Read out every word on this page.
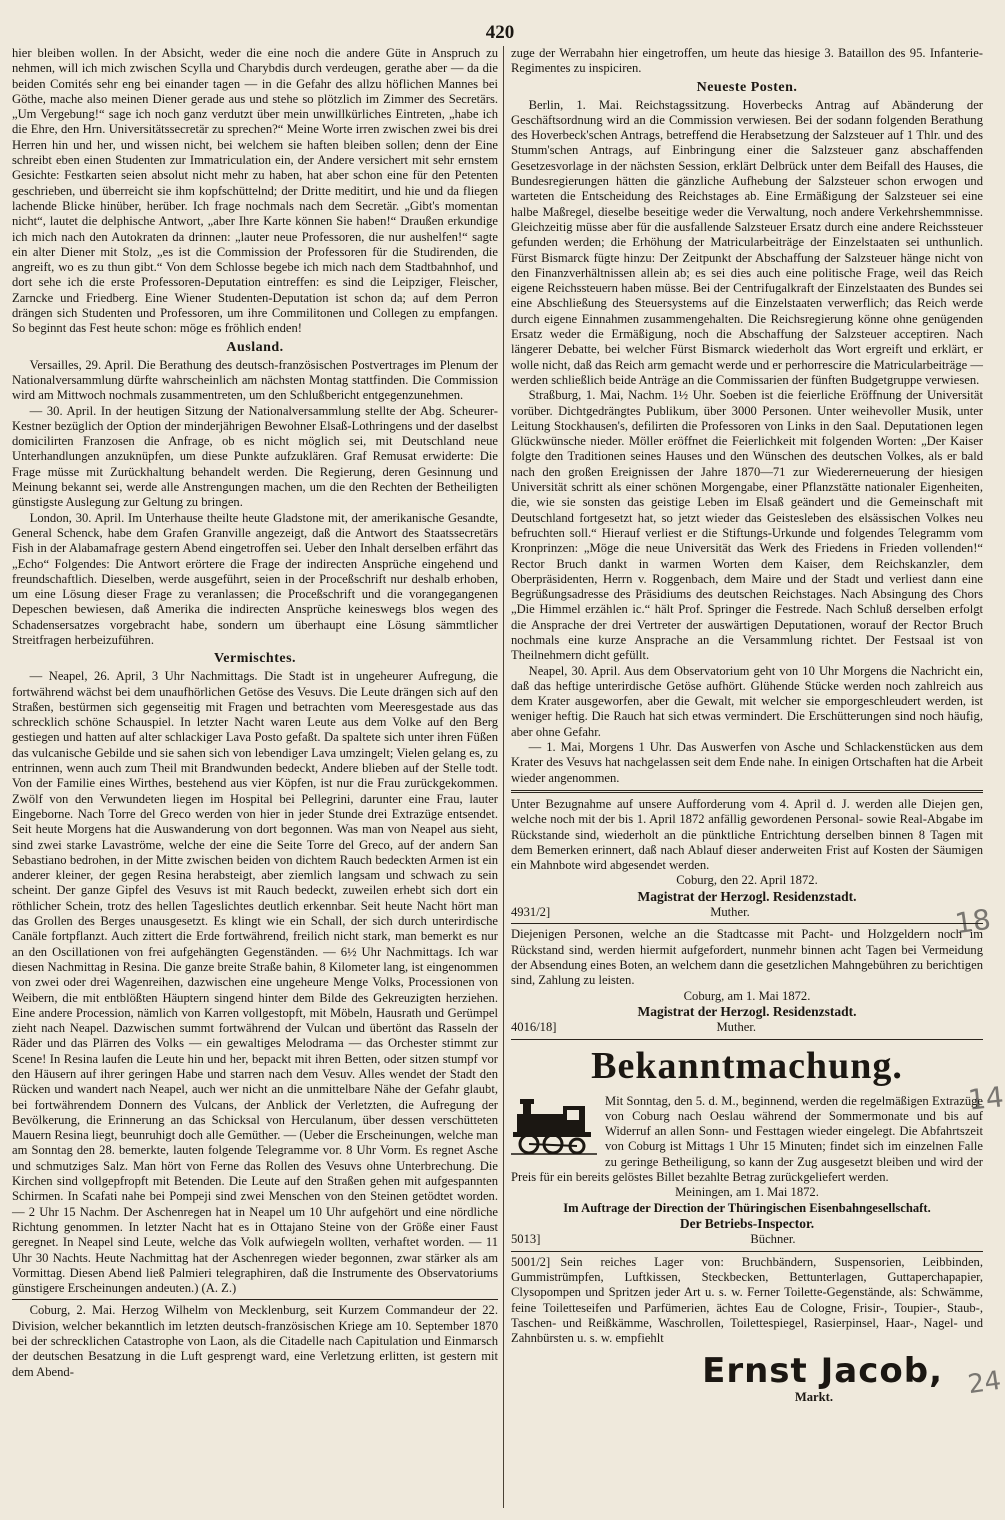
420

hier bleiben wollen. In der Absicht, weder die eine noch die andere Güte in Anspruch zu nehmen, will ich mich zwischen Scylla und Charybdis durch verdeugen, gerathe aber — da die beiden Comités sehr eng bei einander tagen — in die Gefahr des allzu höflichen Mannes bei Göthe, mache also meinen Diener gerade aus und stehe so plötzlich im Zimmer des Secretärs. „Um Vergebung!“ sage ich noch ganz verdutzt über mein unwillkürliches Eintreten, „habe ich die Ehre, den Hrn. Universitätssecretär zu sprechen?“ Meine Worte irren zwischen zwei bis drei Herren hin und her, und wissen nicht, bei welchem sie haften bleiben sollen; denn der Eine schreibt eben einen Studenten zur Immatriculation ein, der Andere versichert mit sehr ernstem Gesichte: Festkarten seien absolut nicht mehr zu haben, hat aber schon eine für den Petenten geschrieben, und überreicht sie ihm kopfschüttelnd; der Dritte meditirt, und hie und da fliegen lachende Blicke hinüber, herüber. Ich frage nochmals nach dem Secretär. „Gibt's momentan nicht“, lautet die delphische Antwort, „aber Ihre Karte können Sie haben!“ Draußen erkundige ich mich nach den Autokraten da drinnen: „lauter neue Professoren, die nur aushelfen!“ sagte ein alter Diener mit Stolz, „es ist die Commission der Professoren für die Studirenden, die angreift, wo es zu thun gibt.“ Von dem Schlosse begebe ich mich nach dem Stadtbahnhof, und dort sehe ich die erste Professoren-Deputation eintreffen: es sind die Leipziger, Fleischer, Zarncke und Friedberg. Eine Wiener Studenten-Deputation ist schon da; auf dem Perron drängen sich Studenten und Professoren, um ihre Commilitonen und Collegen zu empfangen. So beginnt das Fest heute schon: möge es fröhlich enden!

Ausland.

Versailles, 29. April. Die Berathung des deutsch-französischen Postvertrages im Plenum der Nationalversammlung dürfte wahrscheinlich am nächsten Montag stattfinden. Die Commission wird am Mittwoch nochmals zusammentreten, um den Schlußbericht entgegenzunehmen.

— 30. April. In der heutigen Sitzung der Nationalversammlung stellte der Abg. Scheurer-Kestner bezüglich der Option der minderjährigen Bewohner Elsaß-Lothringens und der daselbst domicilirten Franzosen die Anfrage, ob es nicht möglich sei, mit Deutschland neue Unterhandlungen anzuknüpfen, um diese Punkte aufzuklären. Graf Remusat erwiderte: Die Frage müsse mit Zurückhaltung behandelt werden. Die Regierung, deren Gesinnung und Meinung bekannt sei, werde alle Anstrengungen machen, um die den Rechten der Betheiligten günstigste Auslegung zur Geltung zu bringen.

London, 30. April. Im Unterhause theilte heute Gladstone mit, der amerikanische Gesandte, General Schenck, habe dem Grafen Granville angezeigt, daß die Antwort des Staatssecretärs Fish in der Alabamafrage gestern Abend eingetroffen sei. Ueber den Inhalt derselben erfährt das „Echo“ Folgendes: Die Antwort erörtere die Frage der indirecten Ansprüche eingehend und freundschaftlich. Dieselben, werde ausgeführt, seien in der Proceßschrift nur deshalb erhoben, um eine Lösung dieser Frage zu veranlassen; die Proceßschrift und die vorangegangenen Depeschen bewiesen, daß Amerika die indirecten Ansprüche keineswegs blos wegen des Schadensersatzes vorgebracht habe, sondern um überhaupt eine Lösung sämmtlicher Streitfragen herbeizuführen.

Vermischtes.

— Neapel, 26. April, 3 Uhr Nachmittags. Die Stadt ist in ungeheurer Aufregung, die fortwährend wächst bei dem unaufhörlichen Getöse des Vesuvs. Die Leute drängen sich auf den Straßen, bestürmen sich gegenseitig mit Fragen und betrachten vom Meeresgestade aus das schrecklich schöne Schauspiel. In letzter Nacht waren Leute aus dem Volke auf den Berg gestiegen und hatten auf alter schlackiger Lava Posto gefaßt. Da spaltete sich unter ihren Füßen das vulcanische Gebilde und sie sahen sich von lebendiger Lava umzingelt; Vielen gelang es, zu entrinnen, wenn auch zum Theil mit Brandwunden bedeckt, Andere blieben auf der Stelle todt. Von der Familie eines Wirthes, bestehend aus vier Köpfen, ist nur die Frau zurückgekommen. Zwölf von den Verwundeten liegen im Hospital bei Pellegrini, darunter eine Frau, lauter Eingeborne. Nach Torre del Greco werden von hier in jeder Stunde drei Extrazüge entsendet. Seit heute Morgens hat die Auswanderung von dort begonnen. Was man von Neapel aus sieht, sind zwei starke Lavaströme, welche der eine die Seite Torre del Greco, auf der andern San Sebastiano bedrohen, in der Mitte zwischen beiden von dichtem Rauch bedeckten Armen ist ein anderer kleiner, der gegen Resina herabsteigt, aber ziemlich langsam und schwach zu sein scheint. Der ganze Gipfel des Vesuvs ist mit Rauch bedeckt, zuweilen erhebt sich dort ein röthlicher Schein, trotz des hellen Tageslichtes deutlich erkennbar. Seit heute Nacht hört man das Grollen des Berges unausgesetzt. Es klingt wie ein Schall, der sich durch unterirdische Canäle fortpflanzt. Auch zittert die Erde fortwährend, freilich nicht stark, man bemerkt es nur an den Oscillationen von frei aufgehängten Gegenständen. — 6½ Uhr Nachmittags. Ich war diesen Nachmittag in Resina. Die ganze breite Straße bahin, 8 Kilometer lang, ist eingenommen von zwei oder drei Wagenreihen, dazwischen eine ungeheure Menge Volks, Processionen von Weibern, die mit entblößten Häuptern singend hinter dem Bilde des Gekreuzigten herziehen. Eine andere Procession, nämlich von Karren vollgestopft, mit Möbeln, Hausrath und Gerümpel zieht nach Neapel. Dazwischen summt fortwährend der Vulcan und übertönt das Rasseln der Räder und das Plärren des Volks — ein gewaltiges Melodrama — das Orchester stimmt zur Scene! In Resina laufen die Leute hin und her, bepackt mit ihren Betten, oder sitzen stumpf vor den Häusern auf ihrer geringen Habe und starren nach dem Vesuv. Alles wendet der Stadt den Rücken und wandert nach Neapel, auch wer nicht an die unmittelbare Nähe der Gefahr glaubt, bei fortwährendem Donnern des Vulcans, der Anblick der Verletzten, die Aufregung der Bevölkerung, die Erinnerung an das Schicksal von Herculanum, über dessen verschütteten Mauern Resina liegt, beunruhigt doch alle Gemüther. — (Ueber die Erscheinungen, welche man am Sonntag den 28. bemerkte, lauten folgende Telegramme vor. 8 Uhr Vorm. Es regnet Asche und schmutziges Salz. Man hört von Ferne das Rollen des Vesuvs ohne Unterbrechung. Die Kirchen sind vollgepfropft mit Betenden. Die Leute auf den Straßen gehen mit aufgespannten Schirmen. In Scafati nahe bei Pompeji sind zwei Menschen von den Steinen getödtet worden. — 2 Uhr 15 Nachm. Der Aschenregen hat in Neapel um 10 Uhr aufgehört und eine nördliche Richtung genommen. In letzter Nacht hat es in Ottajano Steine von der Größe einer Faust geregnet. In Neapel sind Leute, welche das Volk aufwiegeln wollten, verhaftet worden. — 11 Uhr 30 Nachts. Heute Nachmittag hat der Aschenregen wieder begonnen, zwar stärker als am Vormittag. Diesen Abend ließ Palmieri telegraphiren, daß die Instrumente des Observatoriums günstigere Erscheinungen andeuten.) (A. Z.)

Coburg, 2. Mai. Herzog Wilhelm von Mecklenburg, seit Kurzem Commandeur der 22. Division, welcher bekanntlich im letzten deutsch-französischen Kriege am 10. September 1870 bei der schrecklichen Catastrophe von Laon, als die Citadelle nach Capitulation und Einmarsch der deutschen Besatzung in die Luft gesprengt ward, eine Verletzung erlitten, ist gestern mit dem Abend-

zuge der Werrabahn hier eingetroffen, um heute das hiesige 3. Bataillon des 95. Infanterie-Regimentes zu inspiciren.

Neueste Posten.

Berlin, 1. Mai. Reichstagssitzung. Hoverbecks Antrag auf Abänderung der Geschäftsordnung wird an die Commission verwiesen. Bei der sodann folgenden Berathung des Hoverbeck'schen Antrags, betreffend die Herabsetzung der Salzsteuer auf 1 Thlr. und des Stumm'schen Antrags, auf Einbringung einer die Salzsteuer ganz abschaffenden Gesetzesvorlage in der nächsten Session, erklärt Delbrück unter dem Beifall des Hauses, die Bundesregierungen hätten die gänzliche Aufhebung der Salzsteuer schon erwogen und warteten die Entscheidung des Reichstages ab. Eine Ermäßigung der Salzsteuer sei eine halbe Maßregel, dieselbe beseitige weder die Verwaltung, noch andere Verkehrshemmnisse. Gleichzeitig müsse aber für die ausfallende Salzsteuer Ersatz durch eine andere Reichssteuer gefunden werden; die Erhöhung der Matricularbeiträge der Einzelstaaten sei unthunlich. Fürst Bismarck fügte hinzu: Der Zeitpunkt der Abschaffung der Salzsteuer hänge nicht von den Finanzverhältnissen allein ab; es sei dies auch eine politische Frage, weil das Reich eigene Reichssteuern haben müsse. Bei der Centrifugalkraft der Einzelstaaten des Bundes sei eine Abschließung des Steuersystems auf die Einzelstaaten verwerflich; das Reich werde durch eigene Einnahmen zusammengehalten. Die Reichsregierung könne ohne genügenden Ersatz weder die Ermäßigung, noch die Abschaffung der Salzsteuer acceptiren. Nach längerer Debatte, bei welcher Fürst Bismarck wiederholt das Wort ergreift und erklärt, er wolle nicht, daß das Reich arm gemacht werde und er perhorrescire die Matricularbeiträge — werden schließlich beide Anträge an die Commissarien der fünften Budgetgruppe verwiesen.

Straßburg, 1. Mai, Nachm. 1½ Uhr. Soeben ist die feierliche Eröffnung der Universität vorüber. Dichtgedrängtes Publikum, über 3000 Personen. Unter weihevoller Musik, unter Leitung Stockhausen's, defilirten die Professoren von Links in den Saal. Deputationen legen Glückwünsche nieder. Möller eröffnet die Feierlichkeit mit folgenden Worten: „Der Kaiser folgte den Traditionen seines Hauses und den Wünschen des deutschen Volkes, als er bald nach den großen Ereignissen der Jahre 1870—71 zur Wiedererneuerung der hiesigen Universität schritt als einer schönen Morgengabe, einer Pflanzstätte nationaler Eigenheiten, die, wie sie sonsten das geistige Leben im Elsaß geändert und die Gemeinschaft mit Deutschland fortgesetzt hat, so jetzt wieder das Geistesleben des elsässischen Volkes neu befruchten soll.“ Hierauf verliest er die Stiftungs-Urkunde und folgendes Telegramm vom Kronprinzen: „Möge die neue Universität das Werk des Friedens in Frieden vollenden!“ Rector Bruch dankt in warmen Worten dem Kaiser, dem Reichskanzler, dem Oberpräsidenten, Herrn v. Roggenbach, dem Maire und der Stadt und verliest dann eine Begrüßungsadresse des Präsidiums des deutschen Reichstages. Nach Absingung des Chors „Die Himmel erzählen ic.“ hält Prof. Springer die Festrede. Nach Schluß derselben erfolgt die Ansprache der drei Vertreter der auswärtigen Deputationen, worauf der Rector Bruch nochmals eine kurze Ansprache an die Versammlung richtet. Der Festsaal ist von Theilnehmern dicht gefüllt.

Neapel, 30. April. Aus dem Observatorium geht von 10 Uhr Morgens die Nachricht ein, daß das heftige unterirdische Getöse aufhört. Glühende Stücke werden noch zahlreich aus dem Krater ausgeworfen, aber die Gewalt, mit welcher sie emporgeschleudert werden, ist weniger heftig. Die Rauch hat sich etwas vermindert. Die Erschütterungen sind noch häufig, aber ohne Gefahr.

— 1. Mai, Morgens 1 Uhr. Das Auswerfen von Asche und Schlackenstücken aus dem Krater des Vesuvs hat nachgelassen seit dem Ende nahe. In einigen Ortschaften hat die Arbeit wieder angenommen.

Unter Bezugnahme auf unsere Aufforderung vom 4. April d. J. werden alle Diejen gen, welche noch mit der bis 1. April 1872 anfällig gewordenen Personal- sowie Real-Abgabe im Rückstande sind, wiederholt an die pünktliche Entrichtung derselben binnen 8 Tagen mit dem Bemerken erinnert, daß nach Ablauf dieser anderweiten Frist auf Kosten der Säumigen ein Mahnbote wird abgesendet werden.

Coburg, den 22. April 1872.

Magistrat der Herzogl. Residenzstadt.

4931/2]	Muther.

Diejenigen Personen, welche an die Stadtcasse mit Pacht- und Holzgeldern noch im Rückstand sind, werden hiermit aufgefordert, nunmehr binnen acht Tagen bei Vermeidung der Absendung eines Boten, an welchem dann die gesetzlichen Mahngebühren zu berichtigen sind, Zahlung zu leisten.

Coburg, am 1. Mai 1872.

Magistrat der Herzogl. Residenzstadt.

4016/18]	Muther.

Bekanntmachung.

Mit Sonntag, den 5. d. M., beginnend, werden die regelmäßigen Extrazüge von Coburg nach Oeslau während der Sommermonate und bis auf Widerruf an allen Sonn- und Festtagen wieder eingelegt. Die Abfahrtszeit von Coburg ist Mittags 1 Uhr 15 Minuten; findet sich im einzelnen Falle zu geringe Betheiligung, so kann der Zug ausgesetzt bleiben und wird der Preis für ein bereits gelöstes Billet bezahlte Betrag zurückgeliefert werden.

Meiningen, am 1. Mai 1872.

Im Auftrage der Direction der Thüringischen Eisenbahngesellschaft.

Der Betriebs-Inspector.

5013]	Büchner.

5001/2] Sein reiches Lager von: Bruchbändern, Suspensorien, Leibbinden, Gummistrümpfen, Luftkissen, Steckbecken, Bettunterlagen, Guttaperchapapier, Clysopompen und Spritzen jeder Art u. s. w. Ferner Toilette-Gegenstände, als: Schwämme, feine Toiletteseifen und Parfümerien, ächtes Eau de Cologne, Frisir-, Toupier-, Staub-, Taschen- und Reißkämme, Waschrollen, Toilettespiegel, Rasierpinsel, Haar-, Nagel- und Zahnbürsten u. s. w. empfiehlt

Ernst Jacob,
Markt.
18
14
24
